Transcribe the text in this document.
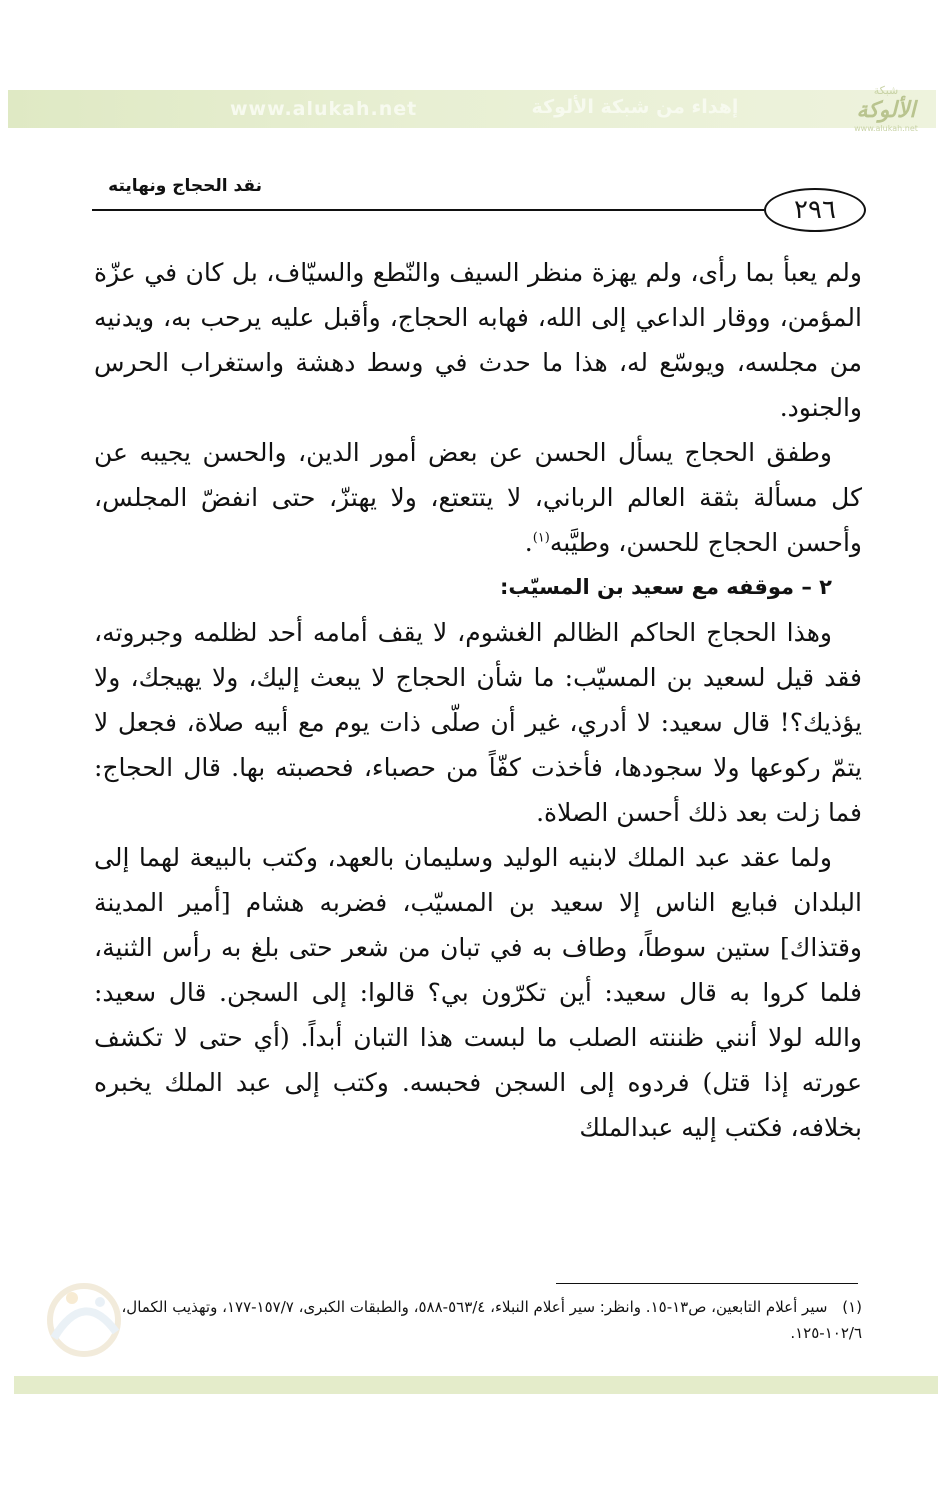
www.alukah.net	إهداء من شبكة الألوكة
شبكة
الألوكة
www.alukah.net
نقد الحجاج ونهايته
٢٩٦

ولم يعبأ بما رأى، ولم يهزة منظر السيف والنّطع والسيّاف، بل كان في عزّة المؤمن، ووقار الداعي إلى الله، فهابه الحجاج، وأقبل عليه يرحب به، ويدنيه من مجلسه، ويوسّع له، هذا ما حدث في وسط دهشة واستغراب الحرس والجنود.

وطفق الحجاج يسأل الحسن عن بعض أمور الدين، والحسن يجيبه عن كل مسألة بثقة العالم الرباني، لا يتتعتع، ولا يهتزّ، حتى انفضّ المجلس، وأحسن الحجاج للحسن، وطيَّبه$^{(١)}$.

٢ – موقفه مع سعيد بن المسيّب:

وهذا الحجاج الحاكم الظالم الغشوم، لا يقف أمامه أحد لظلمه وجبروته، فقد قيل لسعيد بن المسيّب: ما شأن الحجاج لا يبعث إليك، ولا يهيجك، ولا يؤذيك؟! قال سعيد: لا أدري، غير أن صلّى ذات يوم مع أبيه صلاة، فجعل لا يتمّ ركوعها ولا سجودها، فأخذت كفّاً من حصباء، فحصبته بها. قال الحجاج: فما زلت بعد ذلك أحسن الصلاة.

ولما عقد عبد الملك لابنيه الوليد وسليمان بالعهد، وكتب بالبيعة لهما إلى البلدان فبايع الناس إلا سعيد بن المسيّب، فضربه هشام [أمير المدينة وقتذاك] ستين سوطاً، وطاف به في تبان من شعر حتى بلغ به رأس الثنية، فلما كروا به قال سعيد: أين تكرّون بي؟ قالوا: إلى السجن. قال سعيد: والله لولا أنني ظننته الصلب ما لبست هذا التبان أبداً. (أي حتى لا تكشف عورته إذا قتل) فردوه إلى السجن فحبسه. وكتب إلى عبد الملك يخبره بخلافه، فكتب إليه عبدالملك

(١) سير أعلام التابعين، ص١٣-١٥. وانظر: سير أعلام النبلاء، ٥٦٣/٤-٥٨٨، والطبقات الكبرى، ١٥٧/٧-١٧٧، وتهذيب الكمال، ١٠٢/٦-١٢٥.
